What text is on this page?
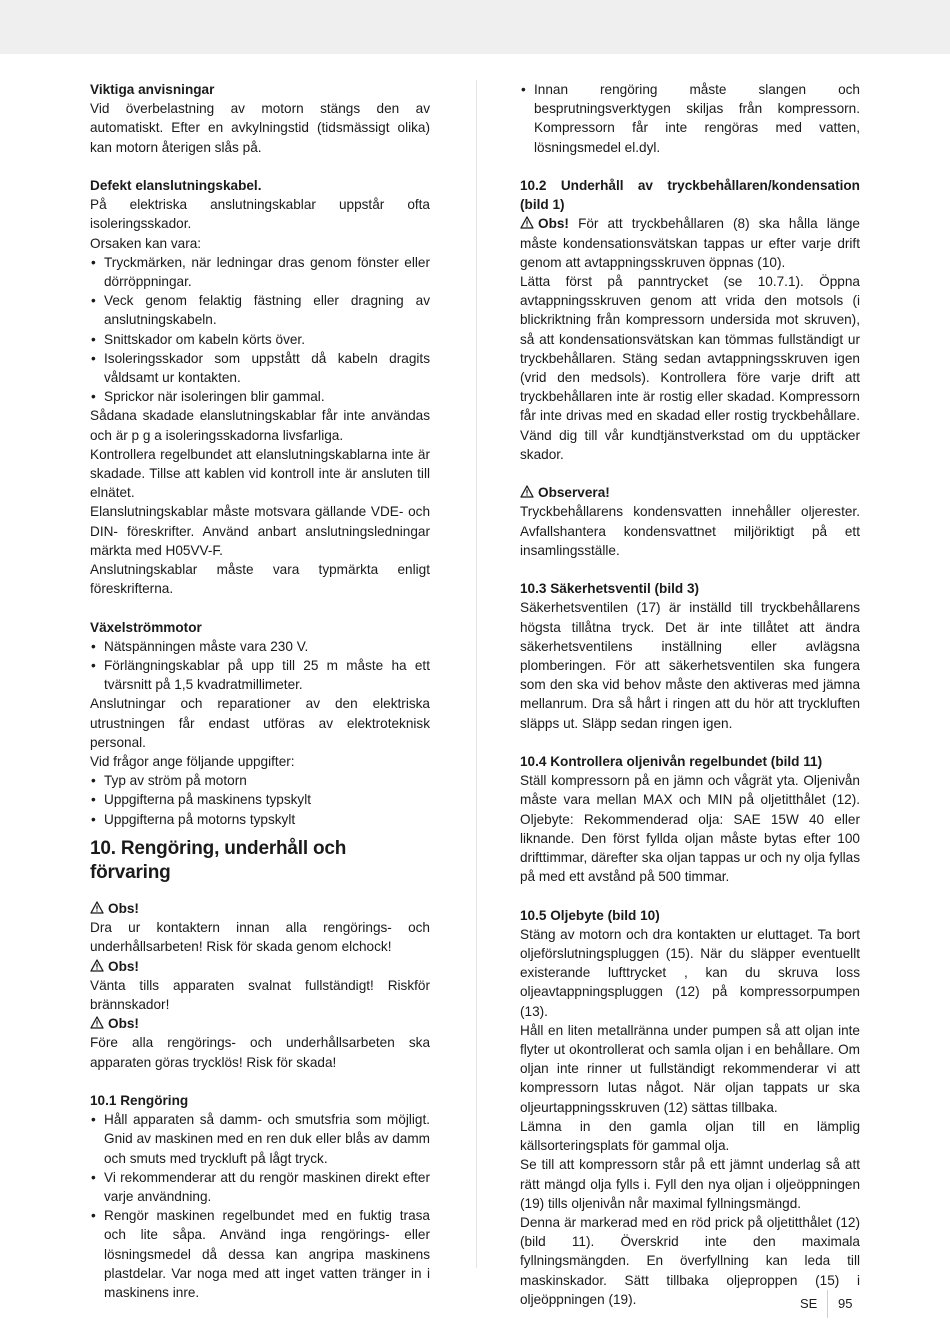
Viktiga anvisningar

Vid överbelastning av motorn stängs den av automatiskt. Efter en avkylningstid (tidsmässigt olika) kan motorn återigen slås på.

Defekt elanslutningskabel.

På elektriska anslutningskablar uppstår ofta isoleringsskador.

Orsaken kan vara:

• Tryckmärken, när ledningar dras genom fönster eller dörröppningar.
• Veck genom felaktig fästning eller dragning av anslutningskabeln.
• Snittskador om kabeln körts över.
• Isoleringsskador som uppstått då kabeln dragits våldsamt ur kontakten.
• Sprickor när isoleringen blir gammal.

Sådana skadade elanslutningskablar får inte användas och är p g a isoleringsskadorna livsfarliga.

Kontrollera regelbundet att elanslutningskablarna inte är skadade. Tillse att kablen vid kontroll inte är ansluten till elnätet.

Elanslutningskablar måste motsvara gällande VDE- och DIN- föreskrifter. Använd anbart anslutningsledningar märkta med H05VV-F.

Anslutningskablar måste vara typmärkta enligt föreskrifterna.

Växelströmmotor

• Nätspänningen måste vara 230 V.
• Förlängningskablar på upp till 25 m måste ha ett tvärsnitt på 1,5 kvadratmillimeter.

Anslutningar och reparationer av den elektriska utrustningen får endast utföras av elektroteknisk personal.

Vid frågor ange följande uppgifter:

• Typ av ström på motorn
• Uppgifterna på maskinens typskylt
• Uppgifterna på motorns typskylt
10. Rengöring, underhåll och förvaring

Obs!

Dra ur kontaktern innan alla rengörings- och underhållsarbeten! Risk för skada genom elchock!

Obs!

Vänta tills apparaten svalnat fullständigt! Riskför brännskador!

Obs!

Före alla rengörings- och underhållsarbeten ska apparaten göras trycklös! Risk för skada!

10.1 Rengöring

• Håll apparaten så damm- och smutsfria som möjligt. Gnid av maskinen med en ren duk eller blås av damm och smuts med tryckluft på lågt tryck.
• Vi rekommenderar att du rengör maskinen direkt efter varje användning.
• Rengör maskinen regelbundet med en fuktig trasa och lite såpa. Använd inga rengörings- eller lösningsmedel då dessa kan angripa maskinens plastdelar. Var noga med att inget vatten tränger in i maskinens inre.
• Innan rengöring måste slangen och besprutningsverktygen skiljas från kompressorn. Kompressorn får inte rengöras med vatten, lösningsmedel el.dyl.

10.2 Underhåll av tryckbehållaren/kondensation (bild 1)

Obs! För att tryckbehållaren (8) ska hålla länge måste kondensationsvätskan tappas ur efter varje drift genom att avtappningsskruven öppnas (10).

Lätta först på panntrycket (se 10.7.1). Öppna avtappningsskruven genom att vrida den motsols (i blickriktning från kompressorn undersida mot skruven), så att kondensationsvätskan kan tömmas fullständigt ur tryckbehållaren. Stäng sedan avtappningsskruven igen (vrid den medsols). Kontrollera före varje drift att tryckbehållaren inte är rostig eller skadad. Kompressorn får inte drivas med en skadad eller rostig tryckbehållare. Vänd dig till vår kundtjänstverkstad om du upptäcker skador.

Observera!

Tryckbehållarens kondensvatten innehåller oljerester. Avfallshantera kondensvattnet miljöriktigt på ett insamlingsställe.

10.3 Säkerhetsventil (bild 3)

Säkerhetsventilen (17) är inställd till tryckbehållarens högsta tillåtna tryck. Det är inte tillåtet att ändra säkerhetsventilens inställning eller avlägsna plomberingen. För att säkerhetsventilen ska fungera som den ska vid behov måste den aktiveras med jämna mellanrum. Dra så hårt i ringen att du hör att tryckluften släpps ut. Släpp sedan ringen igen.

10.4 Kontrollera oljenivån regelbundet (bild 11)

Ställ kompressorn på en jämn och vågrät yta. Oljenivån måste vara mellan MAX och MIN på oljetitthålet (12). Oljebyte: Rekommenderad olja: SAE 15W 40 eller liknande. Den först fyllda oljan måste bytas efter 100 drifttimmar, därefter ska oljan tappas ur och ny olja fyllas på med ett avstånd på 500 timmar.

10.5 Oljebyte (bild 10)

Stäng av motorn och dra kontakten ur eluttaget. Ta bort oljeförslutningspluggen (15). När du släpper eventuellt existerande lufttrycket , kan du skruva loss oljeavtappningspluggen (12) på kompressorpumpen (13).

Håll en liten metallränna under pumpen så att oljan inte flyter ut okontrollerat och samla oljan i en behållare. Om oljan inte rinner ut fullständigt rekommenderar vi att kompressorn lutas något. När oljan tappats ur ska oljeurtappningsskruven (12) sättas tillbaka.

Lämna in den gamla oljan till en lämplig källsorteringsplats för gammal olja.

Se till att kompressorn står på ett jämnt underlag så att rätt mängd olja fylls i. Fyll den nya oljan i oljeöppningen (19) tills oljenivån når maximal fyllningsmängd.

Denna är markerad med en röd prick på oljetitthålet (12) (bild 11). Överskrid inte den maximala fyllningsmängden. En överfyllning kan leda till maskinskador. Sätt tillbaka oljeproppen (15) i oljeöppningen (19).	SE 95
